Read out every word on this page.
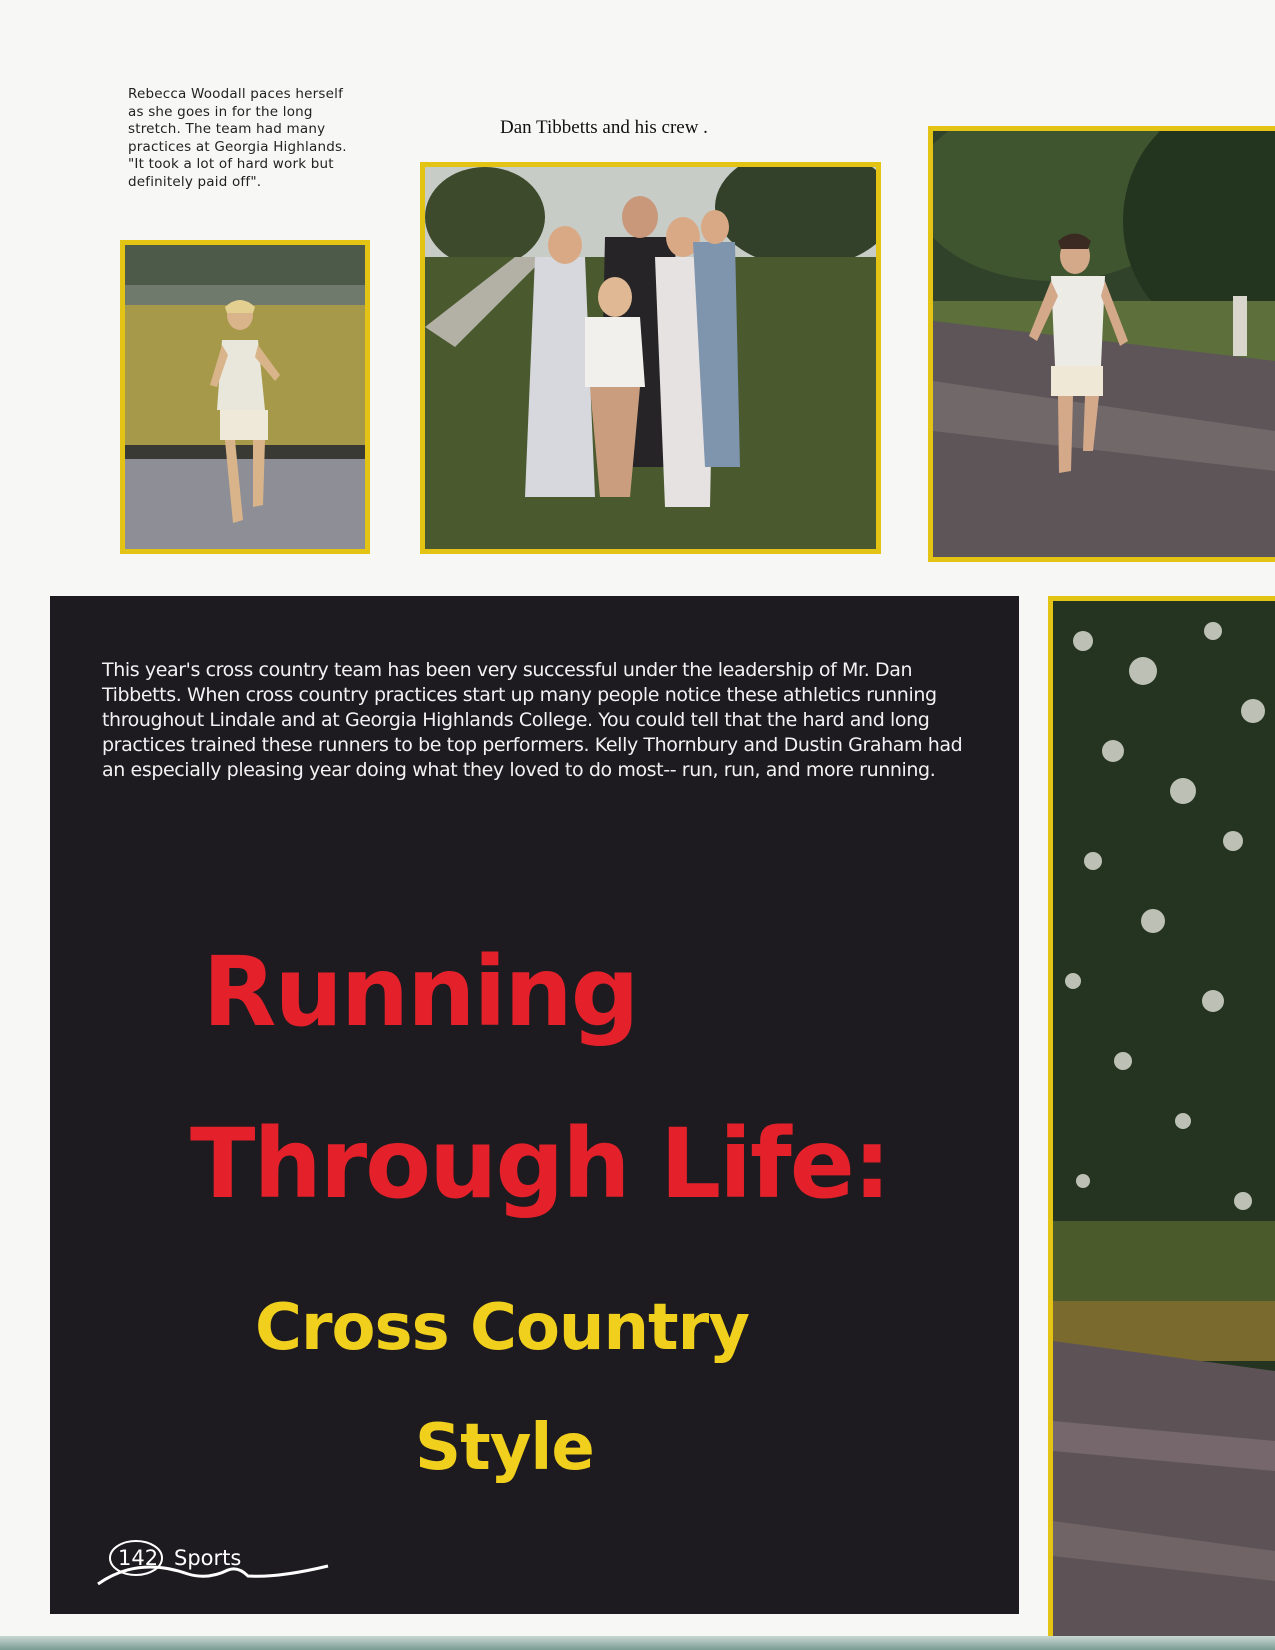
Rebecca Woodall paces herself as she goes in for the long stretch. The team had many practices at Georgia Highlands. "It took a lot of hard work but definitely paid off".
Dan Tibbetts and his crew .
This year's cross country team has been very successful under the leadership of Mr. Dan Tibbetts. When cross country practices start up many people notice these athletics running throughout Lindale and at Georgia Highlands College. You could tell that the hard and long practices trained these runners to be top performers. Kelly Thornbury and Dustin Graham had an especially pleasing year doing what they loved to do most-- run, run, and more running.
Running
Through Life:
Cross Country
Style
142 Sports
